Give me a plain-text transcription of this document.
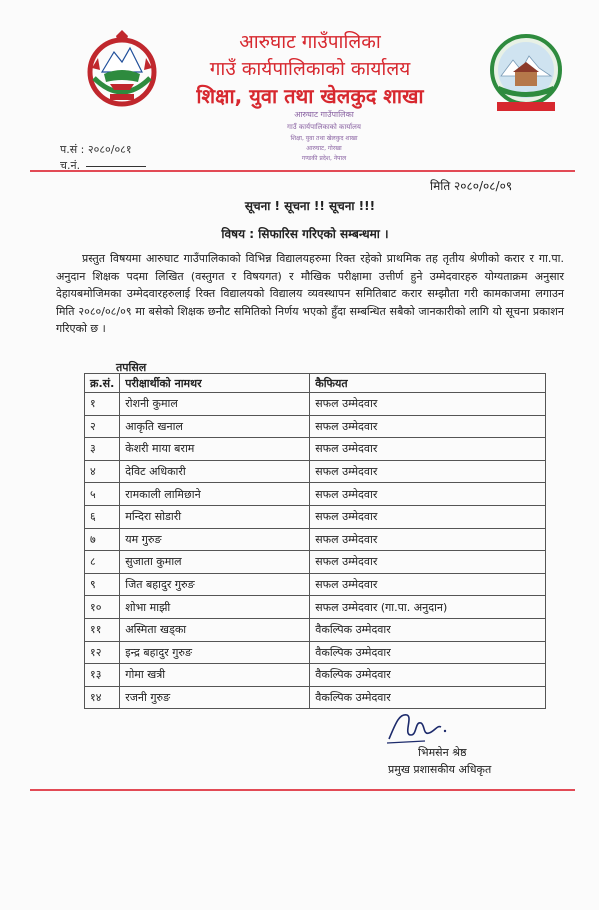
आरुघाट गाउँपालिका
गाउँ कार्यपालिकाको कार्यालय
शिक्षा, युवा तथा खेलकुद शाखा
आरुघाट गाउँपालिका
गाउँ कार्यपालिकाको कार्यालय
शिक्षा, युवा तथा खेलकुद शाखा
आरुघाट, गोरखा
गण्डकी प्रदेश, नेपाल
प.सं : २०८०/०८१
च.नं.
मिति २०८०/०८/०९
सूचना ! सूचना !! सूचना !!!
विषय : सिफारिस गरिएको सम्बन्धमा ।
प्रस्तुत विषयमा आरुघाट गाउँपालिकाको विभिन्न विद्यालयहरुमा रिक्त रहेको प्राथमिक तह तृतीय श्रेणीको करार र गा.पा. अनुदान शिक्षक पदमा लिखित (वस्तुगत र विषयगत) र मौखिक परीक्षामा उत्तीर्ण हुने उम्मेदवारहरु योग्यताक्रम अनुसार देहायबमोजिमका उम्मेदवारहरुलाई रिक्त विद्यालयको विद्यालय व्यवस्थापन समितिबाट करार सम्झौता गरी कामकाजमा लगाउन मिति २०८०/०८/०९ मा बसेको शिक्षक छनौट समितिको निर्णय भएको हुँदा सम्बन्धित सबैको जानकारीको लागि यो सूचना प्रकाशन गरिएको छ ।
तपसिल
क्र.सं.	परीक्षार्थीको नामथर	कैफियत
१	रोशनी कुमाल	सफल उम्मेदवार
२	आकृति खनाल	सफल उम्मेदवार
३	केशरी माया बराम	सफल उम्मेदवार
४	देविट अधिकारी	सफल उम्मेदवार
५	रामकाली लामिछाने	सफल उम्मेदवार
६	मन्दिरा सोडारी	सफल उम्मेदवार
७	यम गुरुङ	सफल उम्मेदवार
८	सुजाता कुमाल	सफल उम्मेदवार
९	जित बहादुर गुरुङ	सफल उम्मेदवार
१०	शोभा माझी	सफल उम्मेदवार (गा.पा. अनुदान)
११	अस्मिता खड्का	वैकल्पिक उम्मेदवार
१२	इन्द्र बहादुर गुरुङ	वैकल्पिक उम्मेदवार
१३	गोमा खत्री	वैकल्पिक उम्मेदवार
१४	रजनी गुरुङ	वैकल्पिक उम्मेदवार
भिमसेन श्रेष्ठ
प्रमुख प्रशासकीय अधिकृत
